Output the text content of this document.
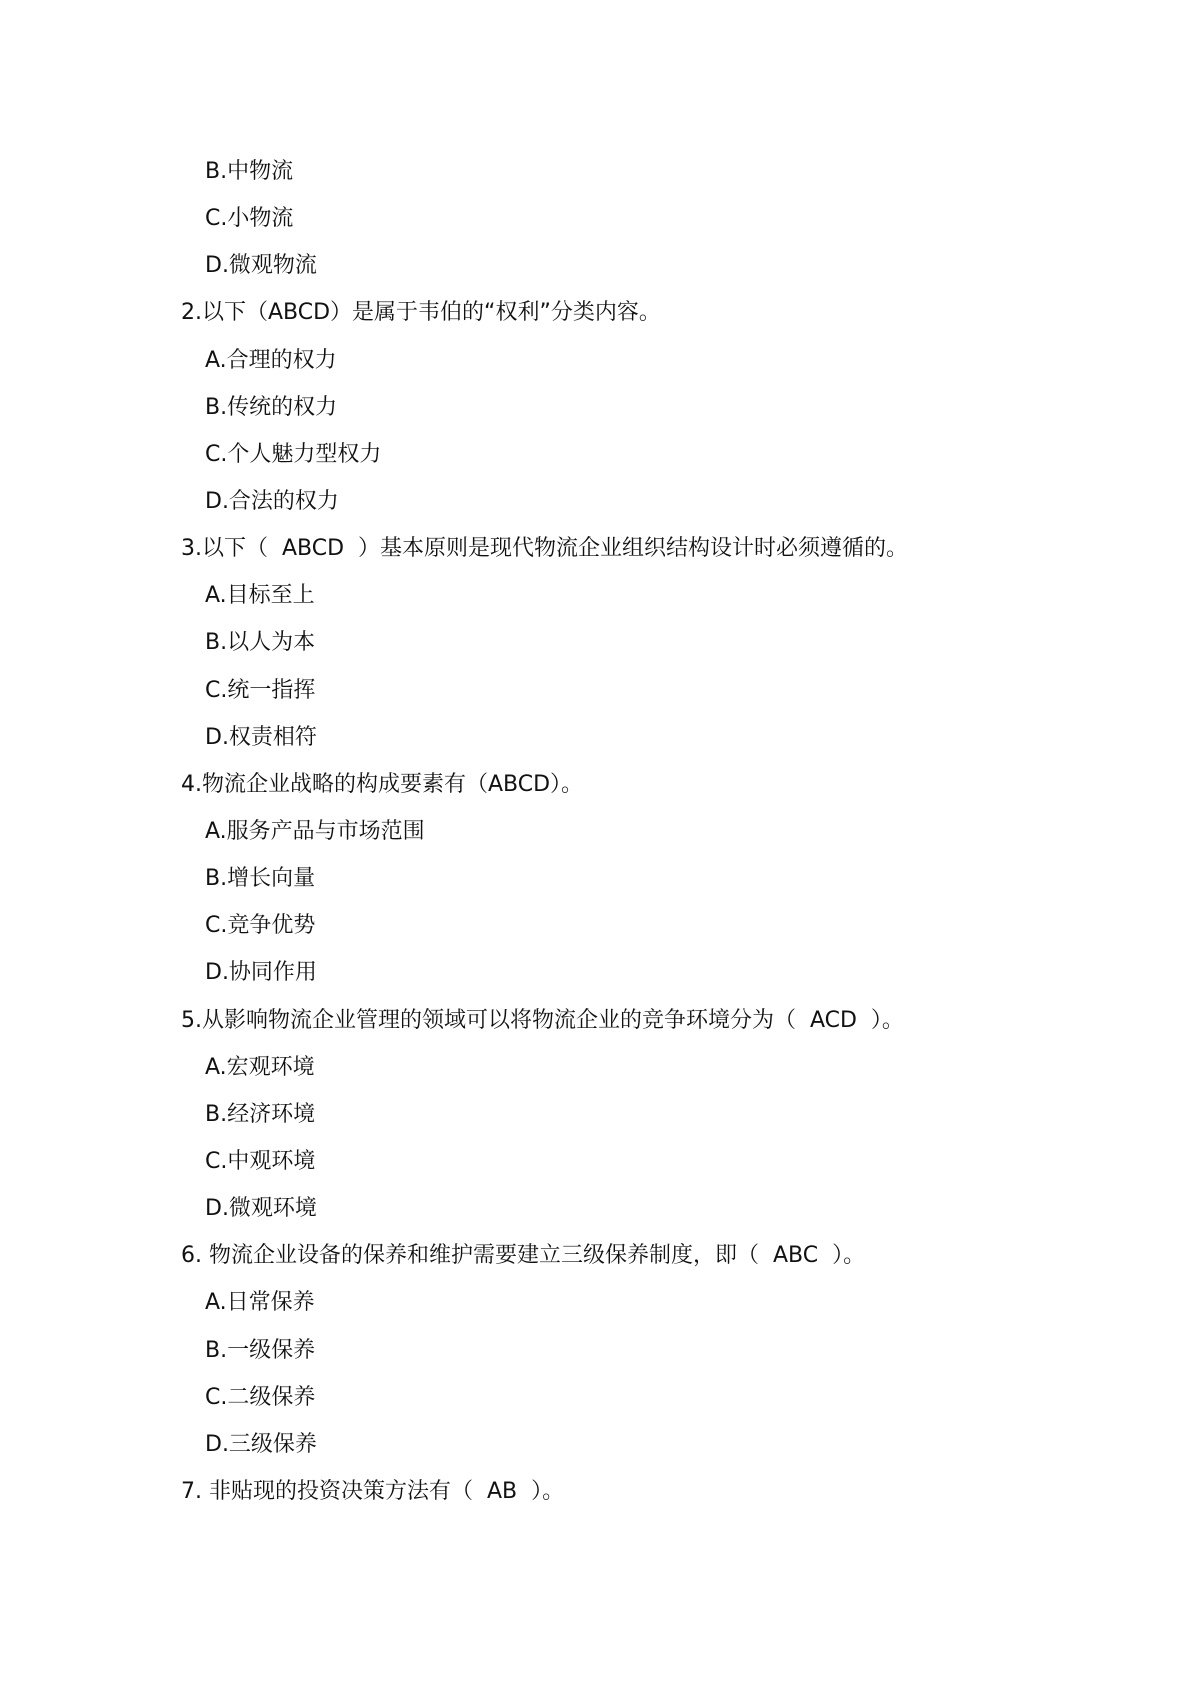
B.中物流
C.小物流
D.微观物流
2.以下（ABCD）是属于韦伯的“权利”分类内容。
A.合理的权力
B.传统的权力
C.个人魅力型权力
D.合法的权力
3.以下（  ABCD  ）基本原则是现代物流企业组织结构设计时必须遵循的。
A.目标至上
B.以人为本
C.统一指挥
D.权责相符
4.物流企业战略的构成要素有（ABCD）。
A.服务产品与市场范围
B.增长向量
C.竞争优势
D.协同作用
5.从影响物流企业管理的领域可以将物流企业的竞争环境分为（  ACD  ）。
A.宏观环境
B.经济环境
C.中观环境
D.微观环境
6. 物流企业设备的保养和维护需要建立三级保养制度，即（  ABC  ）。
A.日常保养
B.一级保养
C.二级保养
D.三级保养
7. 非贴现的投资决策方法有（  AB  ）。
